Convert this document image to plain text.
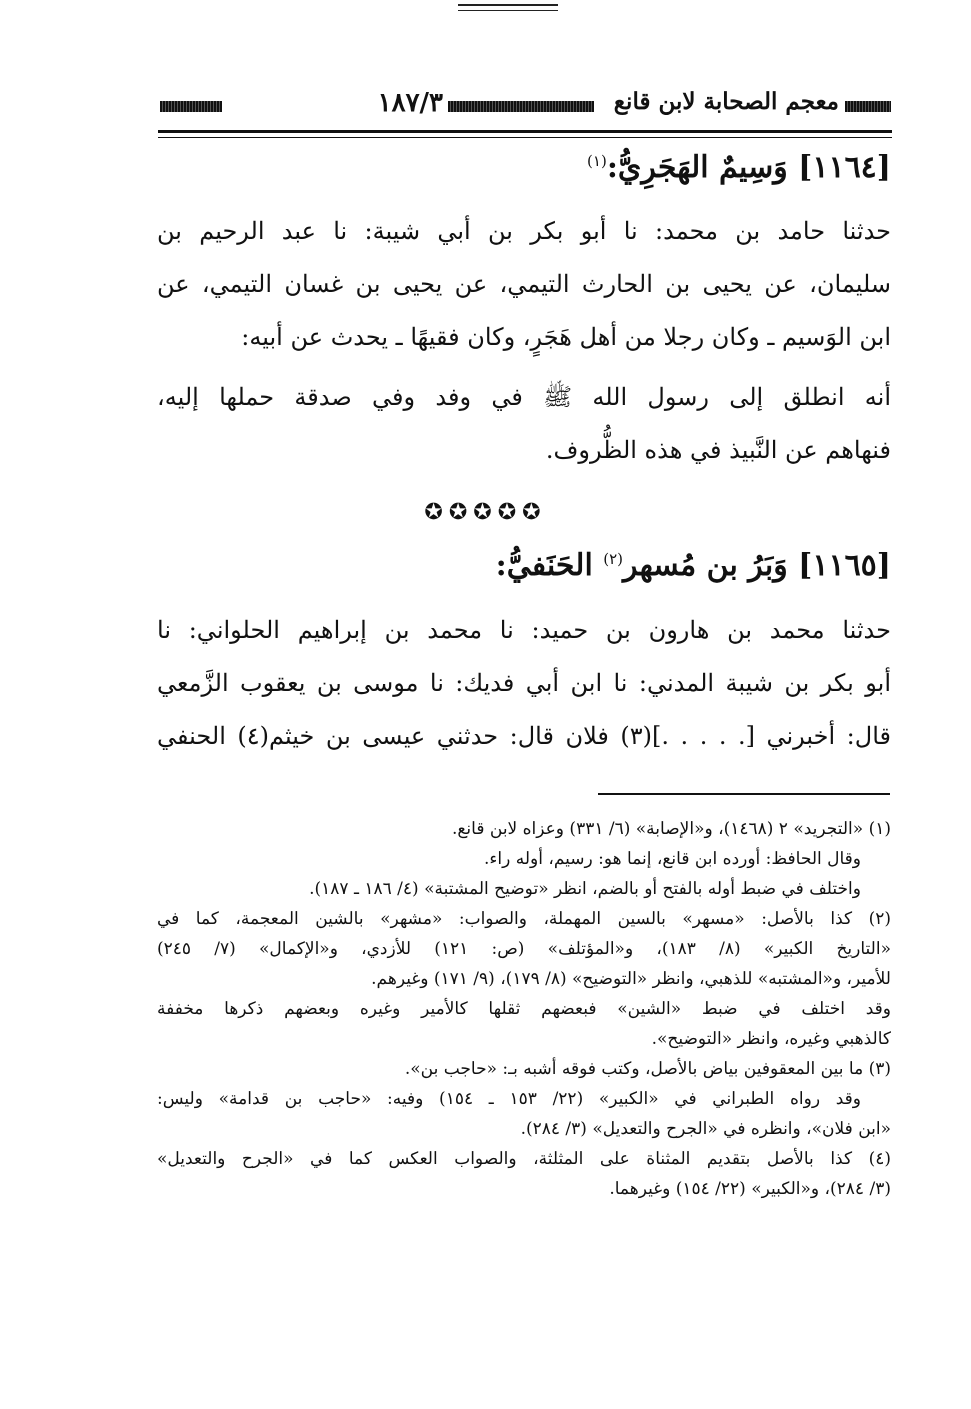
معجم الصحابة لابن قانع
١٨٧/٣
[١١٦٤] وَسِيمٌ الهَجَرِيُّ:$^{(١)}$
حدثنا حامد بن محمد: نا أبو بكر بن أبي شيبة: نا عبد الرحيم بن
سليمان، عن يحيى بن الحارث التيمي، عن يحيى بن غسان التيمي، عن
ابن الوَسيم ـ وكان رجلا من أهل هَجَرٍ، وكان فقيهًا ـ يحدث عن أبيه:
أنه انطلق إلى رسول الله ﷺ في وفد وفي صدقة حملها إليه،
فنهاهم عن النَّبيذ في هذه الظُّروف.
✪✪✪✪✪
[١١٦٥] وَبَرُ بن مُسهر$^{(٢)}$ الحَنَفيُّ:
حدثنا محمد بن هارون بن حميد: نا محمد بن إبراهيم الحلواني: نا
أبو بكر بن شيبة المدني: نا ابن أبي فديك: نا موسى بن يعقوب الزَّمعي
قال: أخبرني [. . . . .](٣) فلان قال: حدثني عيسى بن خيثم(٤) الحنفي
(١) «التجريد» ٢ (١٤٦٨)، و«الإصابة» (٦/ ٣٣١) وعزاه لابن قانع.
وقال الحافظ: أورده ابن قانع، إنما هو: رسيم، أوله راء.
واختلف في ضبط أوله بالفتح أو بالضم، انظر «توضيح المشتبة» (٤/ ١٨٦ ـ ١٨٧).
(٢) كذا بالأصل: «مسهر» بالسين المهملة، والصواب: «مشهر» بالشين المعجمة، كما في
«التاريخ الكبير» (٨/ ١٨٣)، و«المؤتلف» (ص: ١٢١) للأزدي، و«الإكمال» (٧/ ٢٤٥)
للأمير، و«المشتبه» للذهبي، وانظر «التوضيح» (٨/ ١٧٩)، (٩/ ١٧١) وغيرهم.
وقد اختلف في ضبط «الشين» فبعضهم ثقلها كالأمير وغيره وبعضهم ذكرها مخففة
كالذهبي وغيره، وانظر «التوضيح».
(٣) ما بين المعقوفين بياض بالأصل، وكتب فوقه أشبه بـ: «حاجب بن».
وقد رواه الطبراني في «الكبير» (٢٢/ ١٥٣ ـ ١٥٤) وفيه: «حاجب بن قدامة» وليس:
«ابن فلان»، وانظره في «الجرح والتعديل» (٣/ ٢٨٤).
(٤) كذا بالأصل بتقديم المثناة على المثلثة، والصواب العكس كما في «الجرح والتعديل»
(٣/ ٢٨٤)، و«الكبير» (٢٢/ ١٥٤) وغيرهما.
